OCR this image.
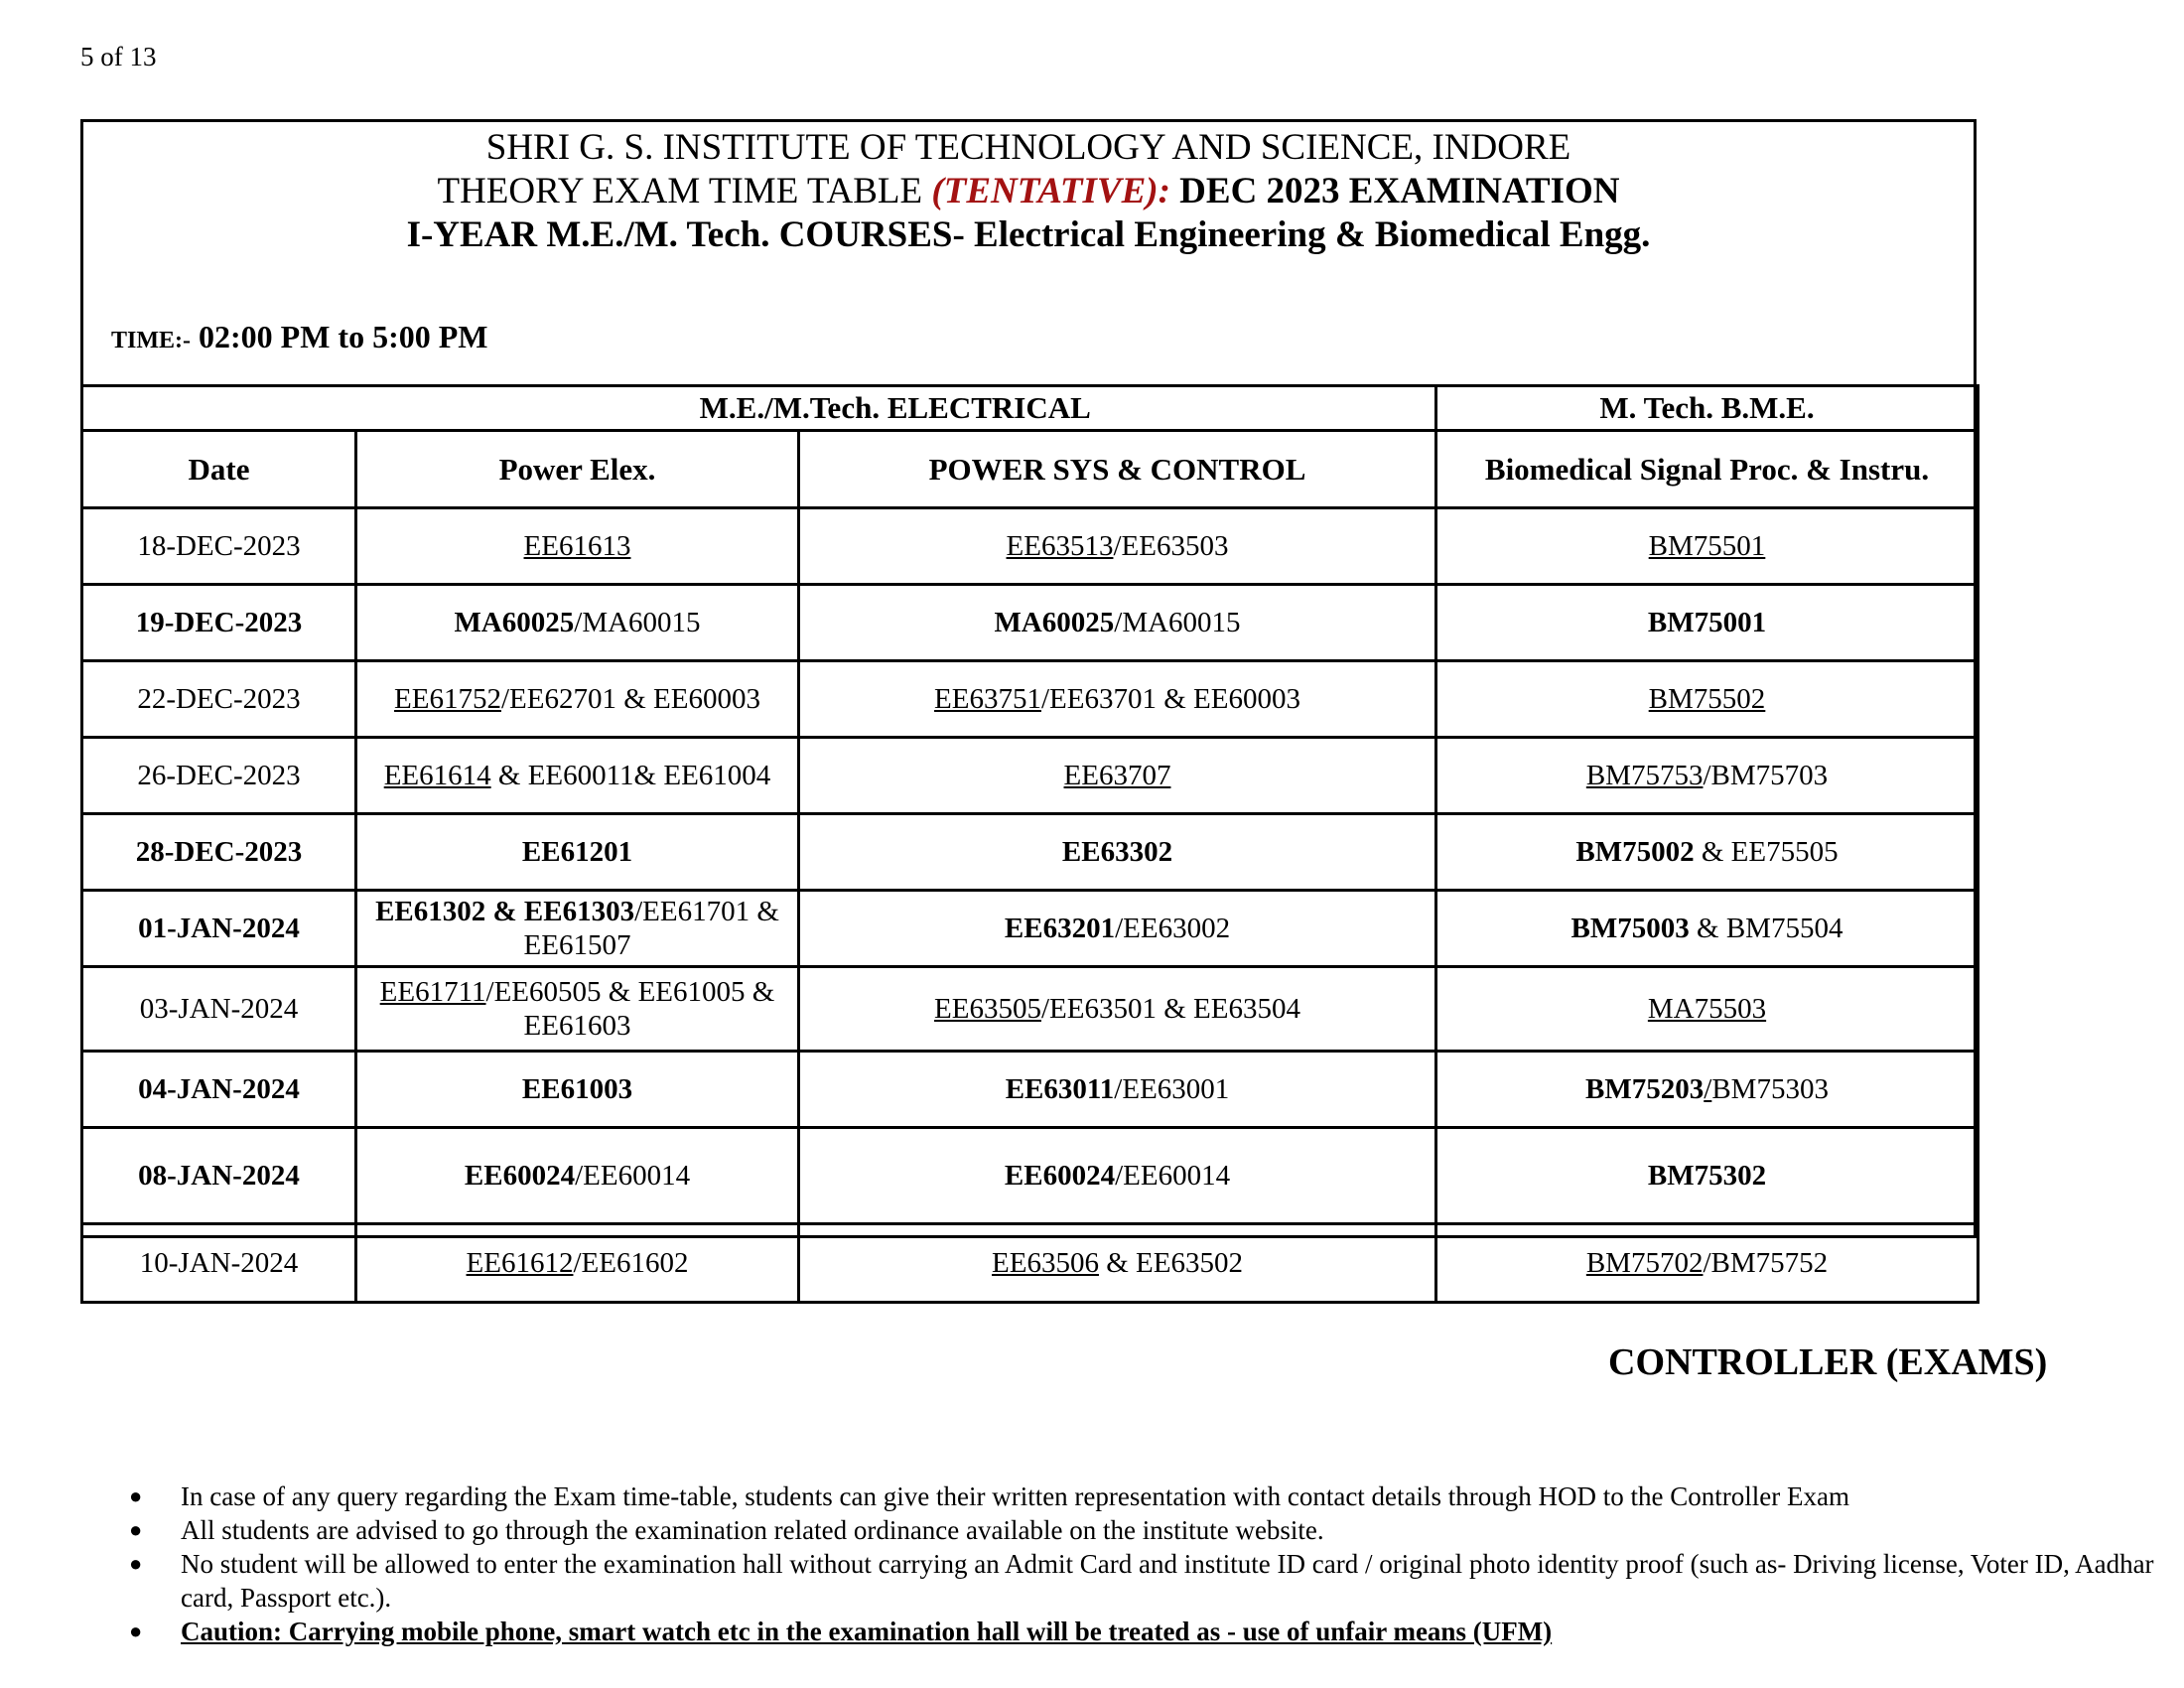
5 of 13
SHRI G. S. INSTITUTE OF TECHNOLOGY AND SCIENCE, INDORE
THEORY EXAM TIME TABLE (TENTATIVE): DEC 2023 EXAMINATION
I-YEAR M.E./M. Tech. COURSES- Electrical Engineering & Biomedical Engg.
TIME:- 02:00 PM to 5:00 PM
	M.E./M.Tech. ELECTRICAL		M. Tech. B.M.E.
Date	Power Elex.	POWER SYS & CONTROL	Biomedical Signal Proc. & Instru.
18-DEC-2023	EE61613	EE63513/EE63503	BM75501
19-DEC-2023	MA60025/MA60015	MA60025/MA60015	BM75001
22-DEC-2023	EE61752/EE62701 & EE60003	EE63751/EE63701 & EE60003	BM75502
26-DEC-2023	EE61614 & EE60011& EE61004	EE63707	BM75753/BM75703
28-DEC-2023	EE61201	EE63302	BM75002 & EE75505
01-JAN-2024	EE61302 & EE61303/EE61701 & EE61507	EE63201/EE63002	BM75003 & BM75504
03-JAN-2024	EE61711/EE60505 & EE61005 & EE61603	EE63505/EE63501 & EE63504	MA75503
04-JAN-2024	EE61003	EE63011/EE63001	BM75203/BM75303
08-JAN-2024	EE60024/EE60014	EE60024/EE60014	BM75302
10-JAN-2024	EE61612/EE61602	EE63506 & EE63502	BM75702/BM75752
CONTROLLER (EXAMS)
● In case of any query regarding the Exam time-table, students can give their written representation with contact details through HOD to the Controller Exam
● All students are advised to go through the examination related ordinance available on the institute website.
● No student will be allowed to enter the examination hall without carrying an Admit Card and institute ID card / original photo identity proof (such as- Driving license, Voter ID, Aadhar card, Passport etc.).
● Caution: Carrying mobile phone, smart watch etc in the examination hall will be treated as - use of unfair means (UFM)
